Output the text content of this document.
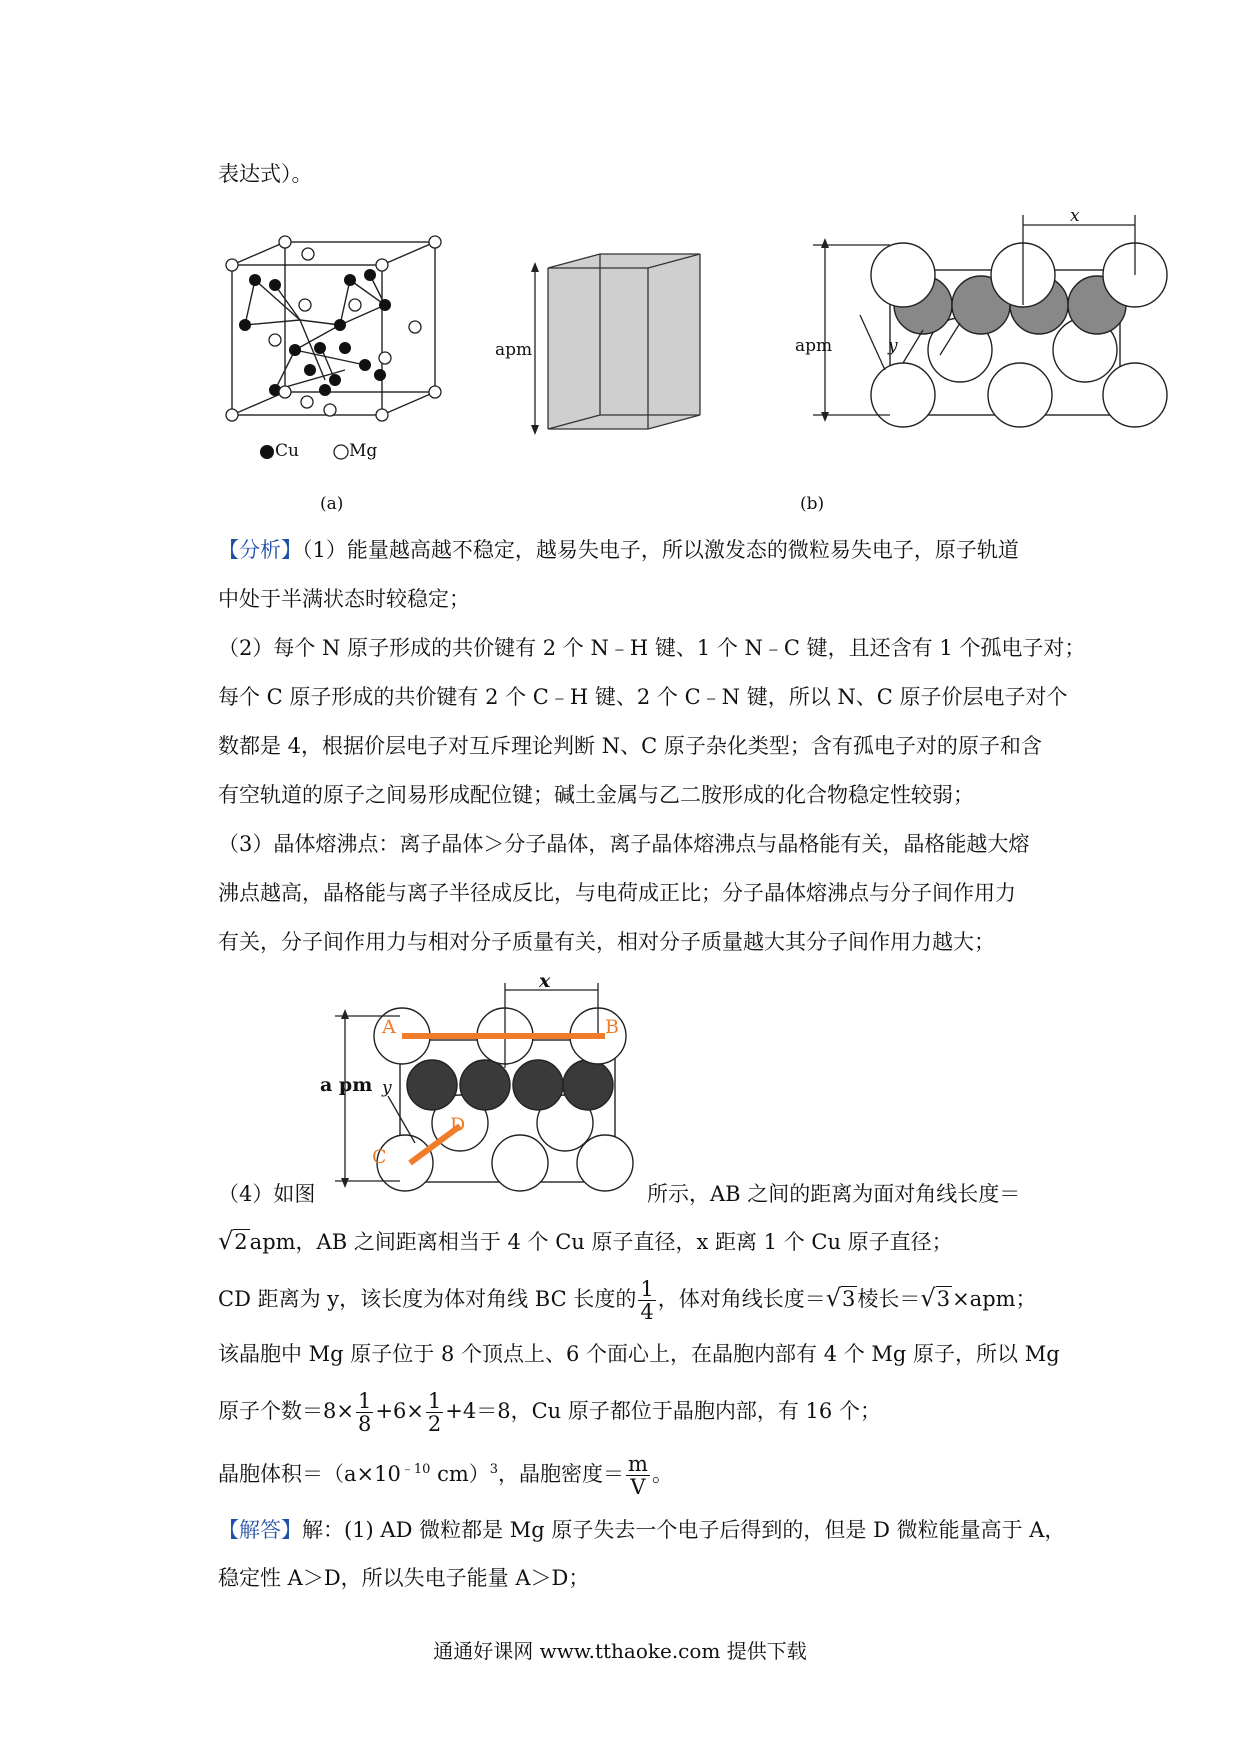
表达式）。
Cu	Mg
(a)
apm	apm
x
y
(b)
【分析】（1）能量越高越不稳定，越易失电子，所以激发态的微粒易失电子，原子轨道
中处于半满状态时较稳定；
（2）每个 N 原子形成的共价键有 2 个 N﹣H 键、1 个 N﹣C 键，且还含有 1 个孤电子对；
每个 C 原子形成的共价键有 2 个 C﹣H 键、2 个 C﹣N 键，所以 N、C 原子价层电子对个
数都是 4，根据价层电子对互斥理论判断 N、C 原子杂化类型；含有孤电子对的原子和含
有空轨道的原子之间易形成配位键；碱土金属与乙二胺形成的化合物稳定性较弱；
（3）晶体熔沸点：离子晶体＞分子晶体，离子晶体熔沸点与晶格能有关，晶格能越大熔
沸点越高，晶格能与离子半径成反比，与电荷成正比；分子晶体熔沸点与分子间作用力
有关，分子间作用力与相对分子质量有关，相对分子质量越大其分子间作用力越大；
a pm
x
y
A	B
C
D
（4）如图	所示，AB 之间的距离为面对角线长度＝
√2apm，AB 之间距离相当于 4 个 Cu 原子直径，x 距离 1 个 Cu 原子直径；
CD 距离为 y，该长度为体对角线 BC 长度的 $\frac{1}{4}$ ，体对角线长度＝√3棱长＝√3×apm；
该晶胞中 Mg 原子位于 8 个顶点上、6 个面心上，在晶胞内部有 4 个 Mg 原子，所以 Mg
原子个数$=8\times \frac{1}{8} +6\times \frac{1}{2} +4=8$，Cu 原子都位于晶胞内部，有 16 个；
晶胞体积$=(a\times 10^{﹣10}$ cm）$^3$，晶胞密度＝ $\frac{m}{V}$ 。
【解答】解：(1) AD 微粒都是 Mg 原子失去一个电子后得到的，但是 D 微粒能量高于 A，
稳定性 A＞D，所以失电子能量 A＞D；
通通好课网 www.tthaoke.com 提供下载
